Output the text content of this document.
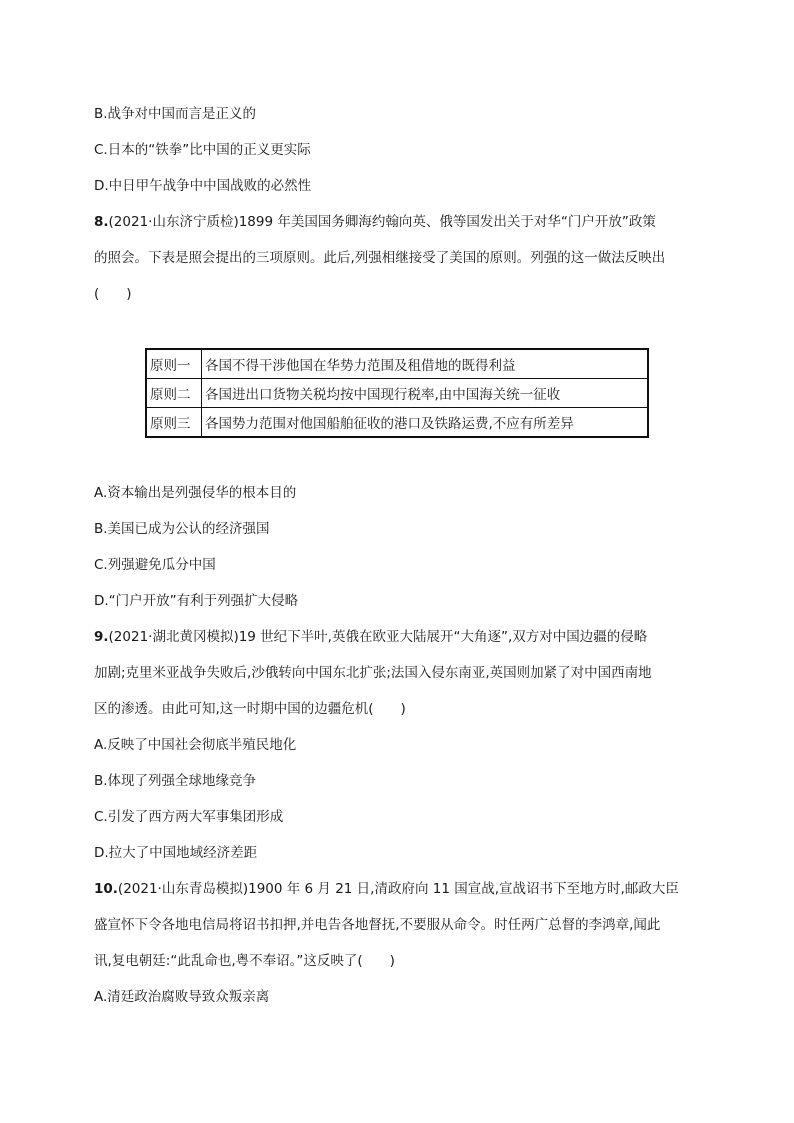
B.战争对中国而言是正义的
C.日本的“铁拳”比中国的正义更实际
D.中日甲午战争中中国战败的必然性
8.(2021·山东济宁质检)1899 年美国国务卿海约翰向英、俄等国发出关于对华“门户开放”政策
的照会。下表是照会提出的三项原则。此后,列强相继接受了美国的原则。列强的这一做法反映出
(　　)
原则一	各国不得干涉他国在华势力范围及租借地的既得利益
原则二	各国进出口货物关税均按中国现行税率,由中国海关统一征收
原则三	各国势力范围对他国船舶征收的港口及铁路运费,不应有所差异
A.资本输出是列强侵华的根本目的
B.美国已成为公认的经济强国
C.列强避免瓜分中国
D.“门户开放”有利于列强扩大侵略
9.(2021·湖北黄冈模拟)19 世纪下半叶,英俄在欧亚大陆展开“大角逐”,双方对中国边疆的侵略
加剧;克里米亚战争失败后,沙俄转向中国东北扩张;法国入侵东南亚,英国则加紧了对中国西南地
区的渗透。由此可知,这一时期中国的边疆危机(　　)
A.反映了中国社会彻底半殖民地化
B.体现了列强全球地缘竞争
C.引发了西方两大军事集团形成
D.拉大了中国地域经济差距
10.(2021·山东青岛模拟)1900 年 6 月 21 日,清政府向 11 国宣战,宣战诏书下至地方时,邮政大臣
盛宣怀下令各地电信局将诏书扣押,并电告各地督抚,不要服从命令。时任两广总督的李鸿章,闻此
讯,复电朝廷:“此乱命也,粤不奉诏。”这反映了(　　)
A.清廷政治腐败导致众叛亲离
